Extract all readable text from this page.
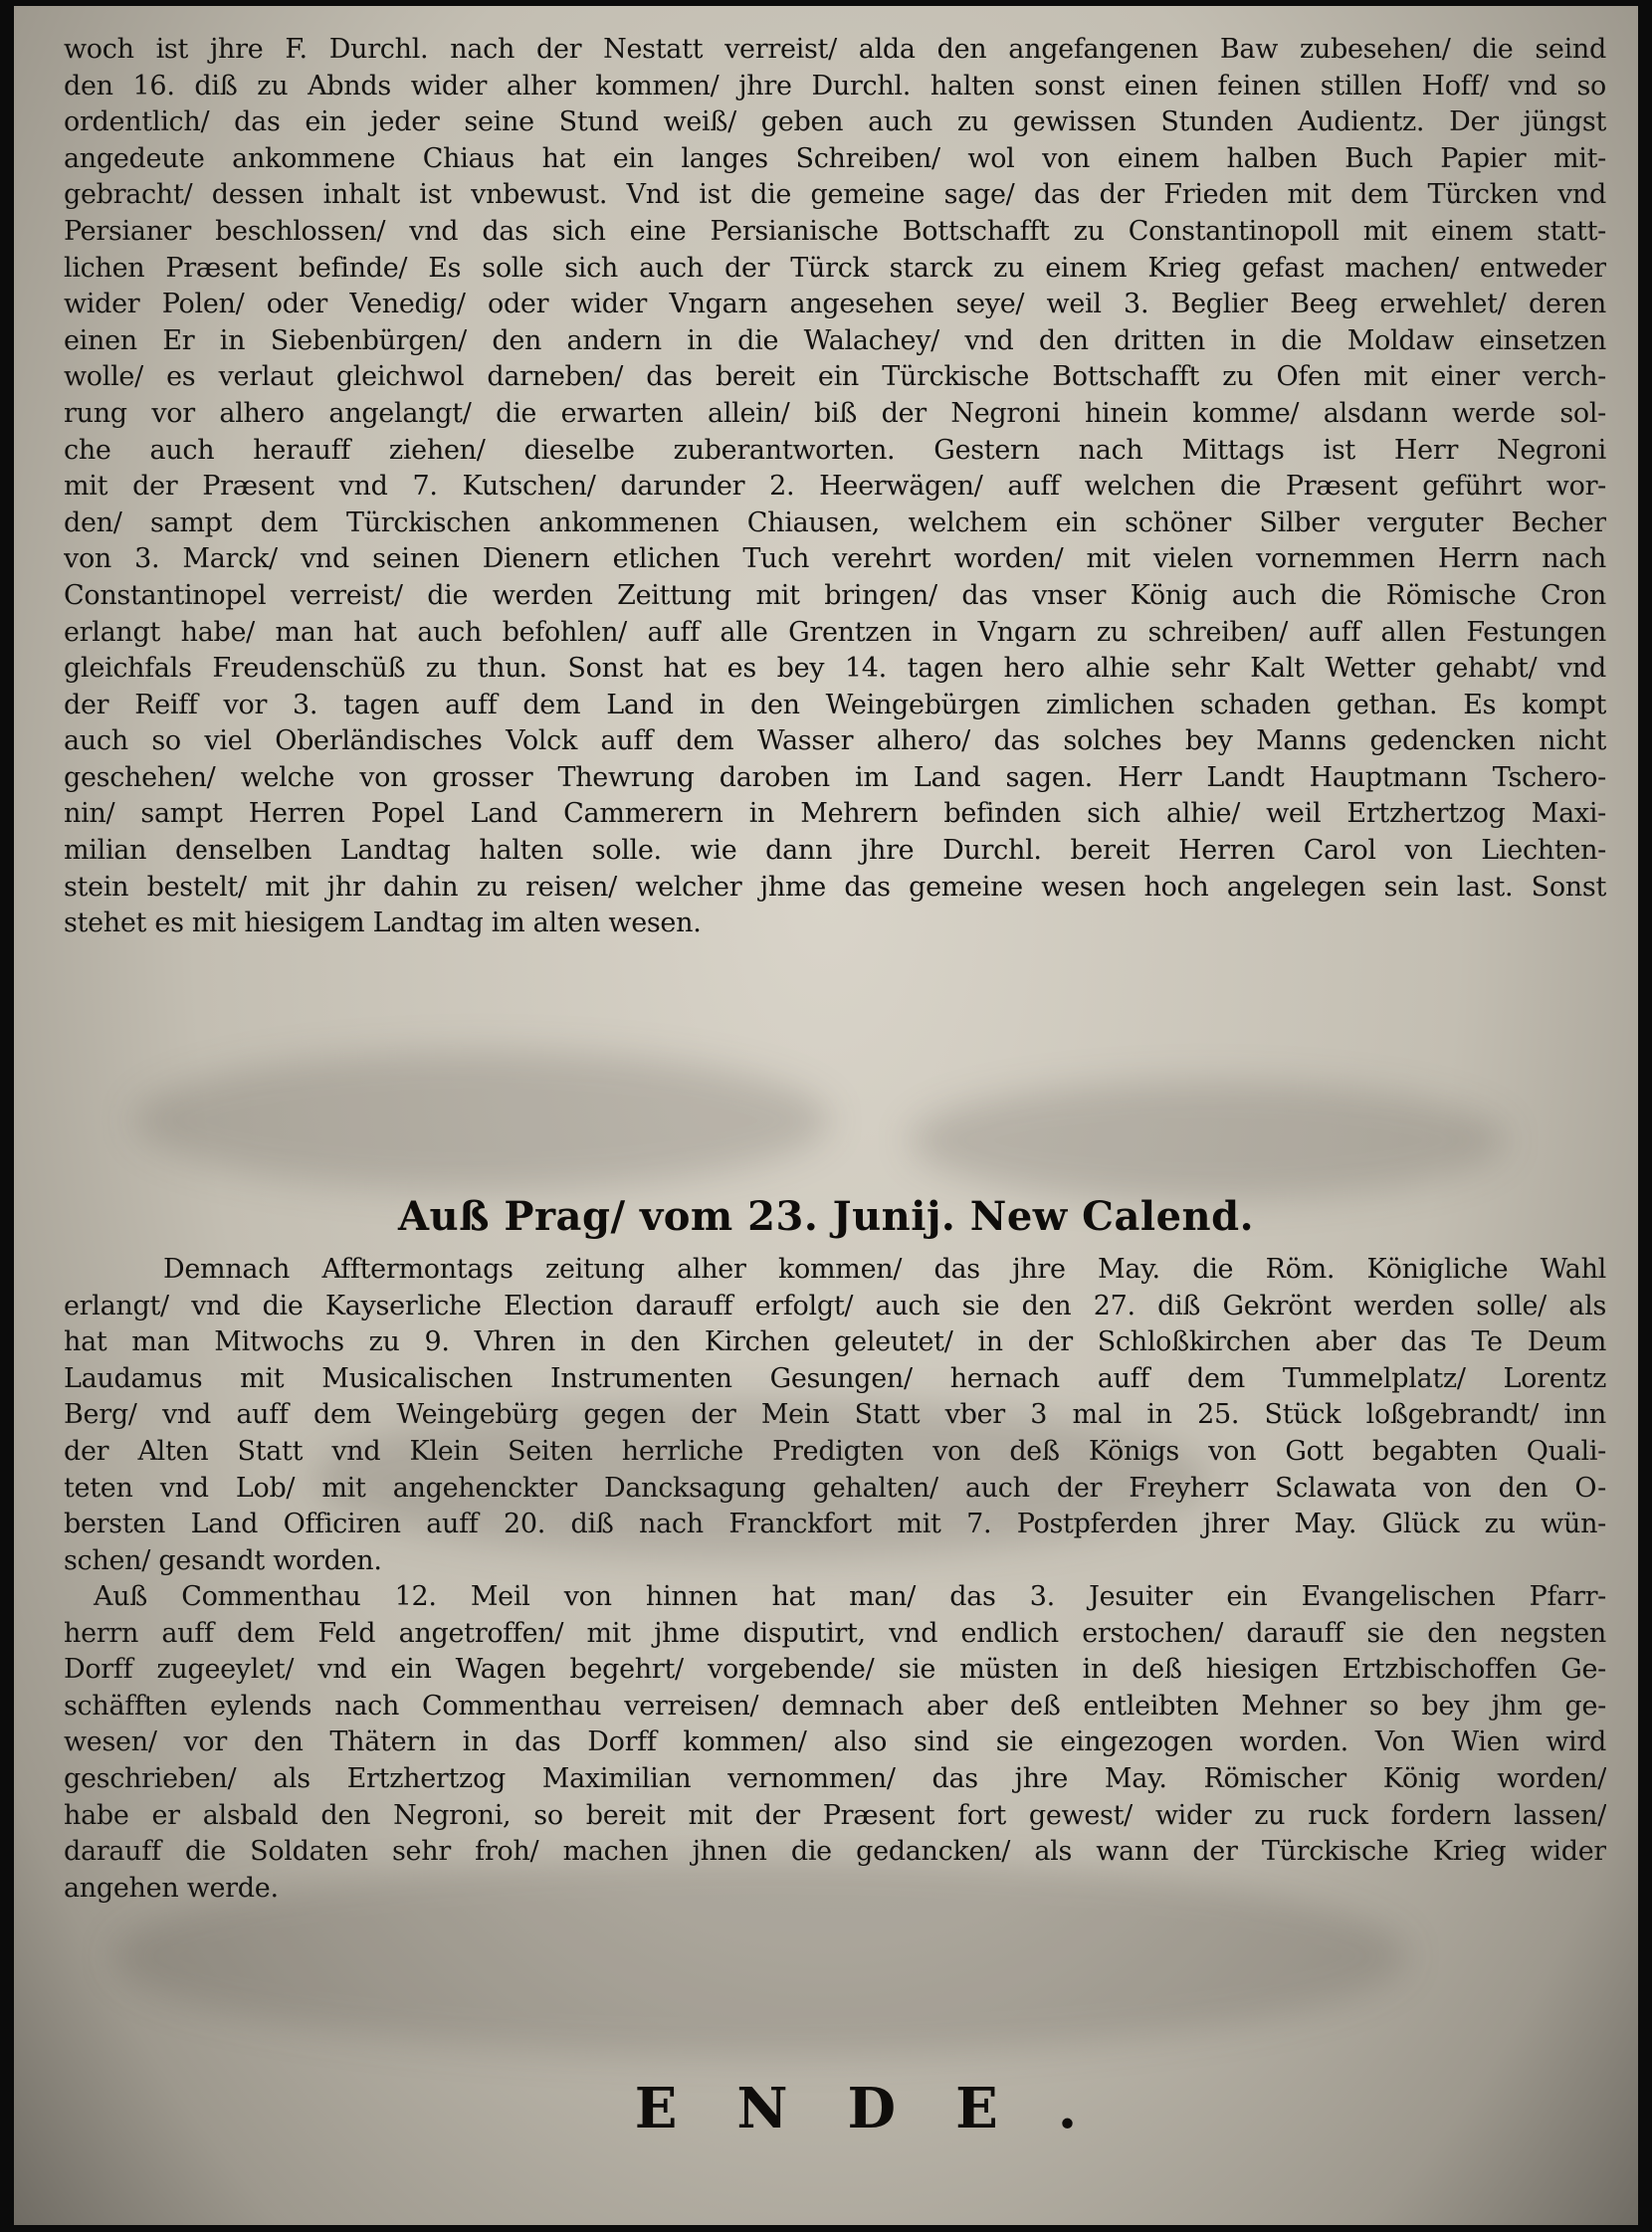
woch ist jhre F. Durchl. nach der Nestatt verreist/ alda den angefangenen Baw zubesehen/ die seind
den 16. diß zu Abnds wider alher kommen/ jhre Durchl. halten sonst einen feinen stillen Hoff/ vnd so
ordentlich/ das ein jeder seine Stund weiß/ geben auch zu gewissen Stunden Audientz. Der jüngst
angedeute ankommene Chiaus hat ein langes Schreiben/ wol von einem halben Buch Papier mit-
gebracht/ dessen inhalt ist vnbewust. Vnd ist die gemeine sage/ das der Frieden mit dem Türcken vnd
Persianer beschlossen/ vnd das sich eine Persianische Bottschafft zu Constantinopoll mit einem statt-
lichen Præsent befinde/ Es solle sich auch der Türck starck zu einem Krieg gefast machen/ entweder
wider Polen/ oder Venedig/ oder wider Vngarn angesehen seye/ weil 3. Beglier Beeg erwehlet/ deren
einen Er in Siebenbürgen/ den andern in die Walachey/ vnd den dritten in die Moldaw einsetzen
wolle/ es verlaut gleichwol darneben/ das bereit ein Türckische Bottschafft zu Ofen mit einer verch-
rung vor alhero angelangt/ die erwarten allein/ biß der Negroni hinein komme/ alsdann werde sol-
che auch herauff ziehen/ dieselbe zuberantworten. Gestern nach Mittags ist Herr Negroni
mit der Præsent vnd 7. Kutschen/ darunder 2. Heerwägen/ auff welchen die Præsent geführt wor-
den/ sampt dem Türckischen ankommenen Chiausen, welchem ein schöner Silber verguter Becher
von 3. Marck/ vnd seinen Dienern etlichen Tuch verehrt worden/ mit vielen vornemmen Herrn nach
Constantinopel verreist/ die werden Zeittung mit bringen/ das vnser König auch die Römische Cron
erlangt habe/ man hat auch befohlen/ auff alle Grentzen in Vngarn zu schreiben/ auff allen Festungen
gleichfals Freudenschüß zu thun. Sonst hat es bey 14. tagen hero alhie sehr Kalt Wetter gehabt/ vnd
der Reiff vor 3. tagen auff dem Land in den Weingebürgen zimlichen schaden gethan. Es kompt
auch so viel Oberländisches Volck auff dem Wasser alhero/ das solches bey Manns gedencken nicht
geschehen/ welche von grosser Thewrung daroben im Land sagen. Herr Landt Hauptmann Tschero-
nin/ sampt Herren Popel Land Cammerern in Mehrern befinden sich alhie/ weil Ertzhertzog Maxi-
milian denselben Landtag halten solle. wie dann jhre Durchl. bereit Herren Carol von Liechten-
stein bestelt/ mit jhr dahin zu reisen/ welcher jhme das gemeine wesen hoch angelegen sein last. Sonst
stehet es mit hiesigem Landtag im alten wesen.
Auß Prag/ vom 23. Junij. New Calend.
Demnach Afftermontags zeitung alher kommen/ das jhre May. die Röm. Königliche Wahl
erlangt/ vnd die Kayserliche Election darauff erfolgt/ auch sie den 27. diß Gekrönt werden solle/ als
hat man Mitwochs zu 9. Vhren in den Kirchen geleutet/ in der Schloßkirchen aber das Te Deum
Laudamus mit Musicalischen Instrumenten Gesungen/ hernach auff dem Tummelplatz/ Lorentz
Berg/ vnd auff dem Weingebürg gegen der Mein Statt vber 3 mal in 25. Stück loßgebrandt/ inn
der Alten Statt vnd Klein Seiten herrliche Predigten von deß Königs von Gott begabten Quali-
teten vnd Lob/ mit angehenckter Dancksagung gehalten/ auch der Freyherr Sclawata von den O-
bersten Land Officiren auff 20. diß nach Franckfort mit 7. Postpferden jhrer May. Glück zu wün-
schen/ gesandt worden.
Auß Commenthau 12. Meil von hinnen hat man/ das 3. Jesuiter ein Evangelischen Pfarr-
herrn auff dem Feld angetroffen/ mit jhme disputirt, vnd endlich erstochen/ darauff sie den negsten
Dorff zugeeylet/ vnd ein Wagen begehrt/ vorgebende/ sie müsten in deß hiesigen Ertzbischoffen Ge-
schäfften eylends nach Commenthau verreisen/ demnach aber deß entleibten Mehner so bey jhm ge-
wesen/ vor den Thätern in das Dorff kommen/ also sind sie eingezogen worden. Von Wien wird
geschrieben/ als Ertzhertzog Maximilian vernommen/ das jhre May. Römischer König worden/
habe er alsbald den Negroni, so bereit mit der Præsent fort gewest/ wider zu ruck fordern lassen/
darauff die Soldaten sehr froh/ machen jhnen die gedancken/ als wann der Türckische Krieg wider
angehen werde.
ENDE.
